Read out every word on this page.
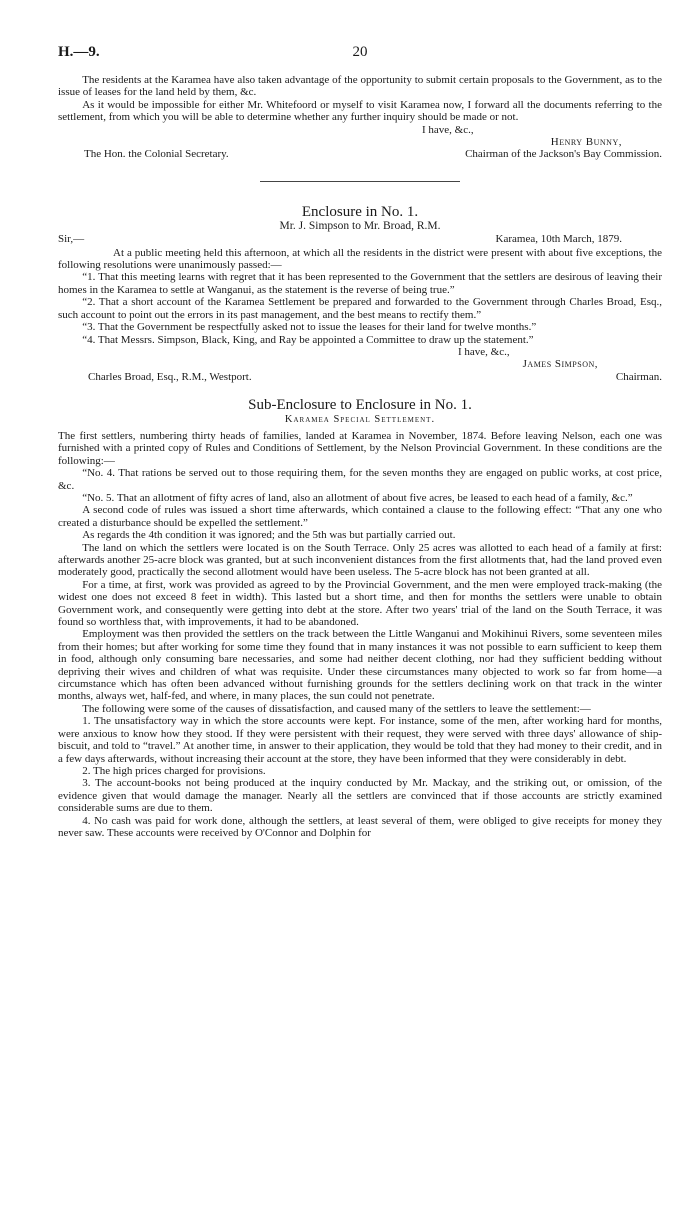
H.—9.	20

The residents at the Karamea have also taken advantage of the opportunity to submit certain proposals to the Government, as to the issue of leases for the land held by them, &c.

As it would be impossible for either Mr. Whitefoord or myself to visit Karamea now, I forward all the documents referring to the settlement, from which you will be able to determine whether any further inquiry should be made or not.

I have, &c.,

Henry Bunny,

The Hon. the Colonial Secretary.	Chairman of the Jackson's Bay Commission.
Enclosure in No. 1.
Mr. J. Simpson to Mr. Broad, R.M.
Sir,—	Karamea, 10th March, 1879.

At a public meeting held this afternoon, at which all the residents in the district were present with about five exceptions, the following resolutions were unanimously passed:—

“1. That this meeting learns with regret that it has been represented to the Government that the settlers are desirous of leaving their homes in the Karamea to settle at Wanganui, as the statement is the reverse of being true.”

“2. That a short account of the Karamea Settlement be prepared and forwarded to the Government through Charles Broad, Esq., such account to point out the errors in its past management, and the best means to rectify them.”

“3. That the Government be respectfully asked not to issue the leases for their land for twelve months.”

“4. That Messrs. Simpson, Black, King, and Ray be appointed a Committee to draw up the statement.”

I have, &c.,

James Simpson,

Charles Broad, Esq., R.M., Westport.	Chairman.
Sub-Enclosure to Enclosure in No. 1.
Karamea Special Settlement.

The first settlers, numbering thirty heads of families, landed at Karamea in November, 1874. Before leaving Nelson, each one was furnished with a printed copy of Rules and Conditions of Settlement, by the Nelson Provincial Government. In these conditions are the following:—

“No. 4. That rations be served out to those requiring them, for the seven months they are engaged on public works, at cost price, &c.

“No. 5. That an allotment of fifty acres of land, also an allotment of about five acres, be leased to each head of a family, &c.”

A second code of rules was issued a short time afterwards, which contained a clause to the following effect: “That any one who created a disturbance should be expelled the settlement.”

As regards the 4th condition it was ignored; and the 5th was but partially carried out.

The land on which the settlers were located is on the South Terrace. Only 25 acres was allotted to each head of a family at first: afterwards another 25-acre block was granted, but at such inconvenient distances from the first allotments that, had the land proved even moderately good, practically the second allotment would have been useless. The 5-acre block has not been granted at all.

For a time, at first, work was provided as agreed to by the Provincial Government, and the men were employed track-making (the widest one does not exceed 8 feet in width). This lasted but a short time, and then for months the settlers were unable to obtain Government work, and consequently were getting into debt at the store. After two years' trial of the land on the South Terrace, it was found so worthless that, with improvements, it had to be abandoned.

Employment was then provided the settlers on the track between the Little Wanganui and Mokihinui Rivers, some seventeen miles from their homes; but after working for some time they found that in many instances it was not possible to earn sufficient to keep them in food, although only consuming bare necessaries, and some had neither decent clothing, nor had they sufficient bedding without depriving their wives and children of what was requisite. Under these circumstances many objected to work so far from home—a circumstance which has often been advanced without furnishing grounds for the settlers declining work on that track in the winter months, always wet, half-fed, and where, in many places, the sun could not penetrate.

The following were some of the causes of dissatisfaction, and caused many of the settlers to leave the settlement:—

1. The unsatisfactory way in which the store accounts were kept. For instance, some of the men, after working hard for months, were anxious to know how they stood. If they were persistent with their request, they were served with three days' allowance of ship-biscuit, and told to “travel.” At another time, in answer to their application, they would be told that they had money to their credit, and in a few days afterwards, without increasing their account at the store, they have been informed that they were considerably in debt.

2. The high prices charged for provisions.

3. The account-books not being produced at the inquiry conducted by Mr. Mackay, and the striking out, or omission, of the evidence given that would damage the manager. Nearly all the settlers are convinced that if those accounts are strictly examined considerable sums are due to them.

4. No cash was paid for work done, although the settlers, at least several of them, were obliged to give receipts for money they never saw. These accounts were received by O'Connor and Dolphin for
